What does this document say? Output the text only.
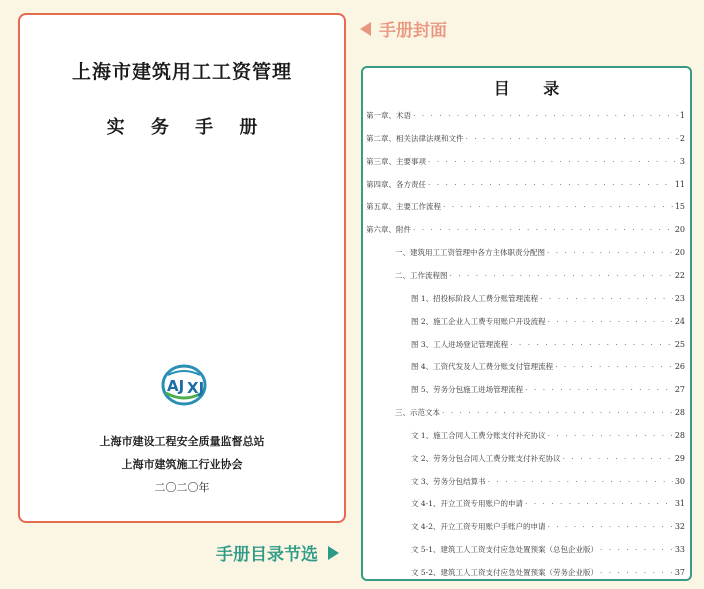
上海市建筑用工工资管理
实 务 手 册
AJ XJ
上海市建设工程安全质量监督总站
上海市建筑施工行业协会
二〇二〇年
手册封面
手册目录节选
目 录
第一章、术语 · · ·	1
第二章、相关法律法规和文件 · · ·	2
第三章、主要事项 · · ·	3
第四章、各方责任 · · ·	11
第五章、主要工作流程 · · ·	15
第六章、附件 · · ·	20
一、建筑用工工资管理中各方主体职责分配图 · · ·	20
二、工作流程图 · · ·	22
图 1、招投标阶段人工费分账管理流程 · · ·	23
图 2、施工企业人工费专用账户开设流程 · · ·	24
图 3、工人进场登记管理流程 · · ·	25
图 4、工资代发及人工费分账支付管理流程 · · ·	26
图 5、劳务分包施工进场管理流程 · · ·	27
三、示范文本 · · ·	28
文 1、施工合同人工费分账支付补充协议 · · ·	28
文 2、劳务分包合同人工费分账支付补充协议 · · ·	29
文 3、劳务分包结算书 · · ·	30
文 4-1、开立工资专用账户的申请 · · ·	31
文 4-2、开立工资专用账户手账户的申请 · · ·	32
文 5-1、建筑工人工资支付应急处置预案（总包企业版） · · ·	33
文 5-2、建筑工人工资支付应急处置预案（劳务企业版） · · ·	37
